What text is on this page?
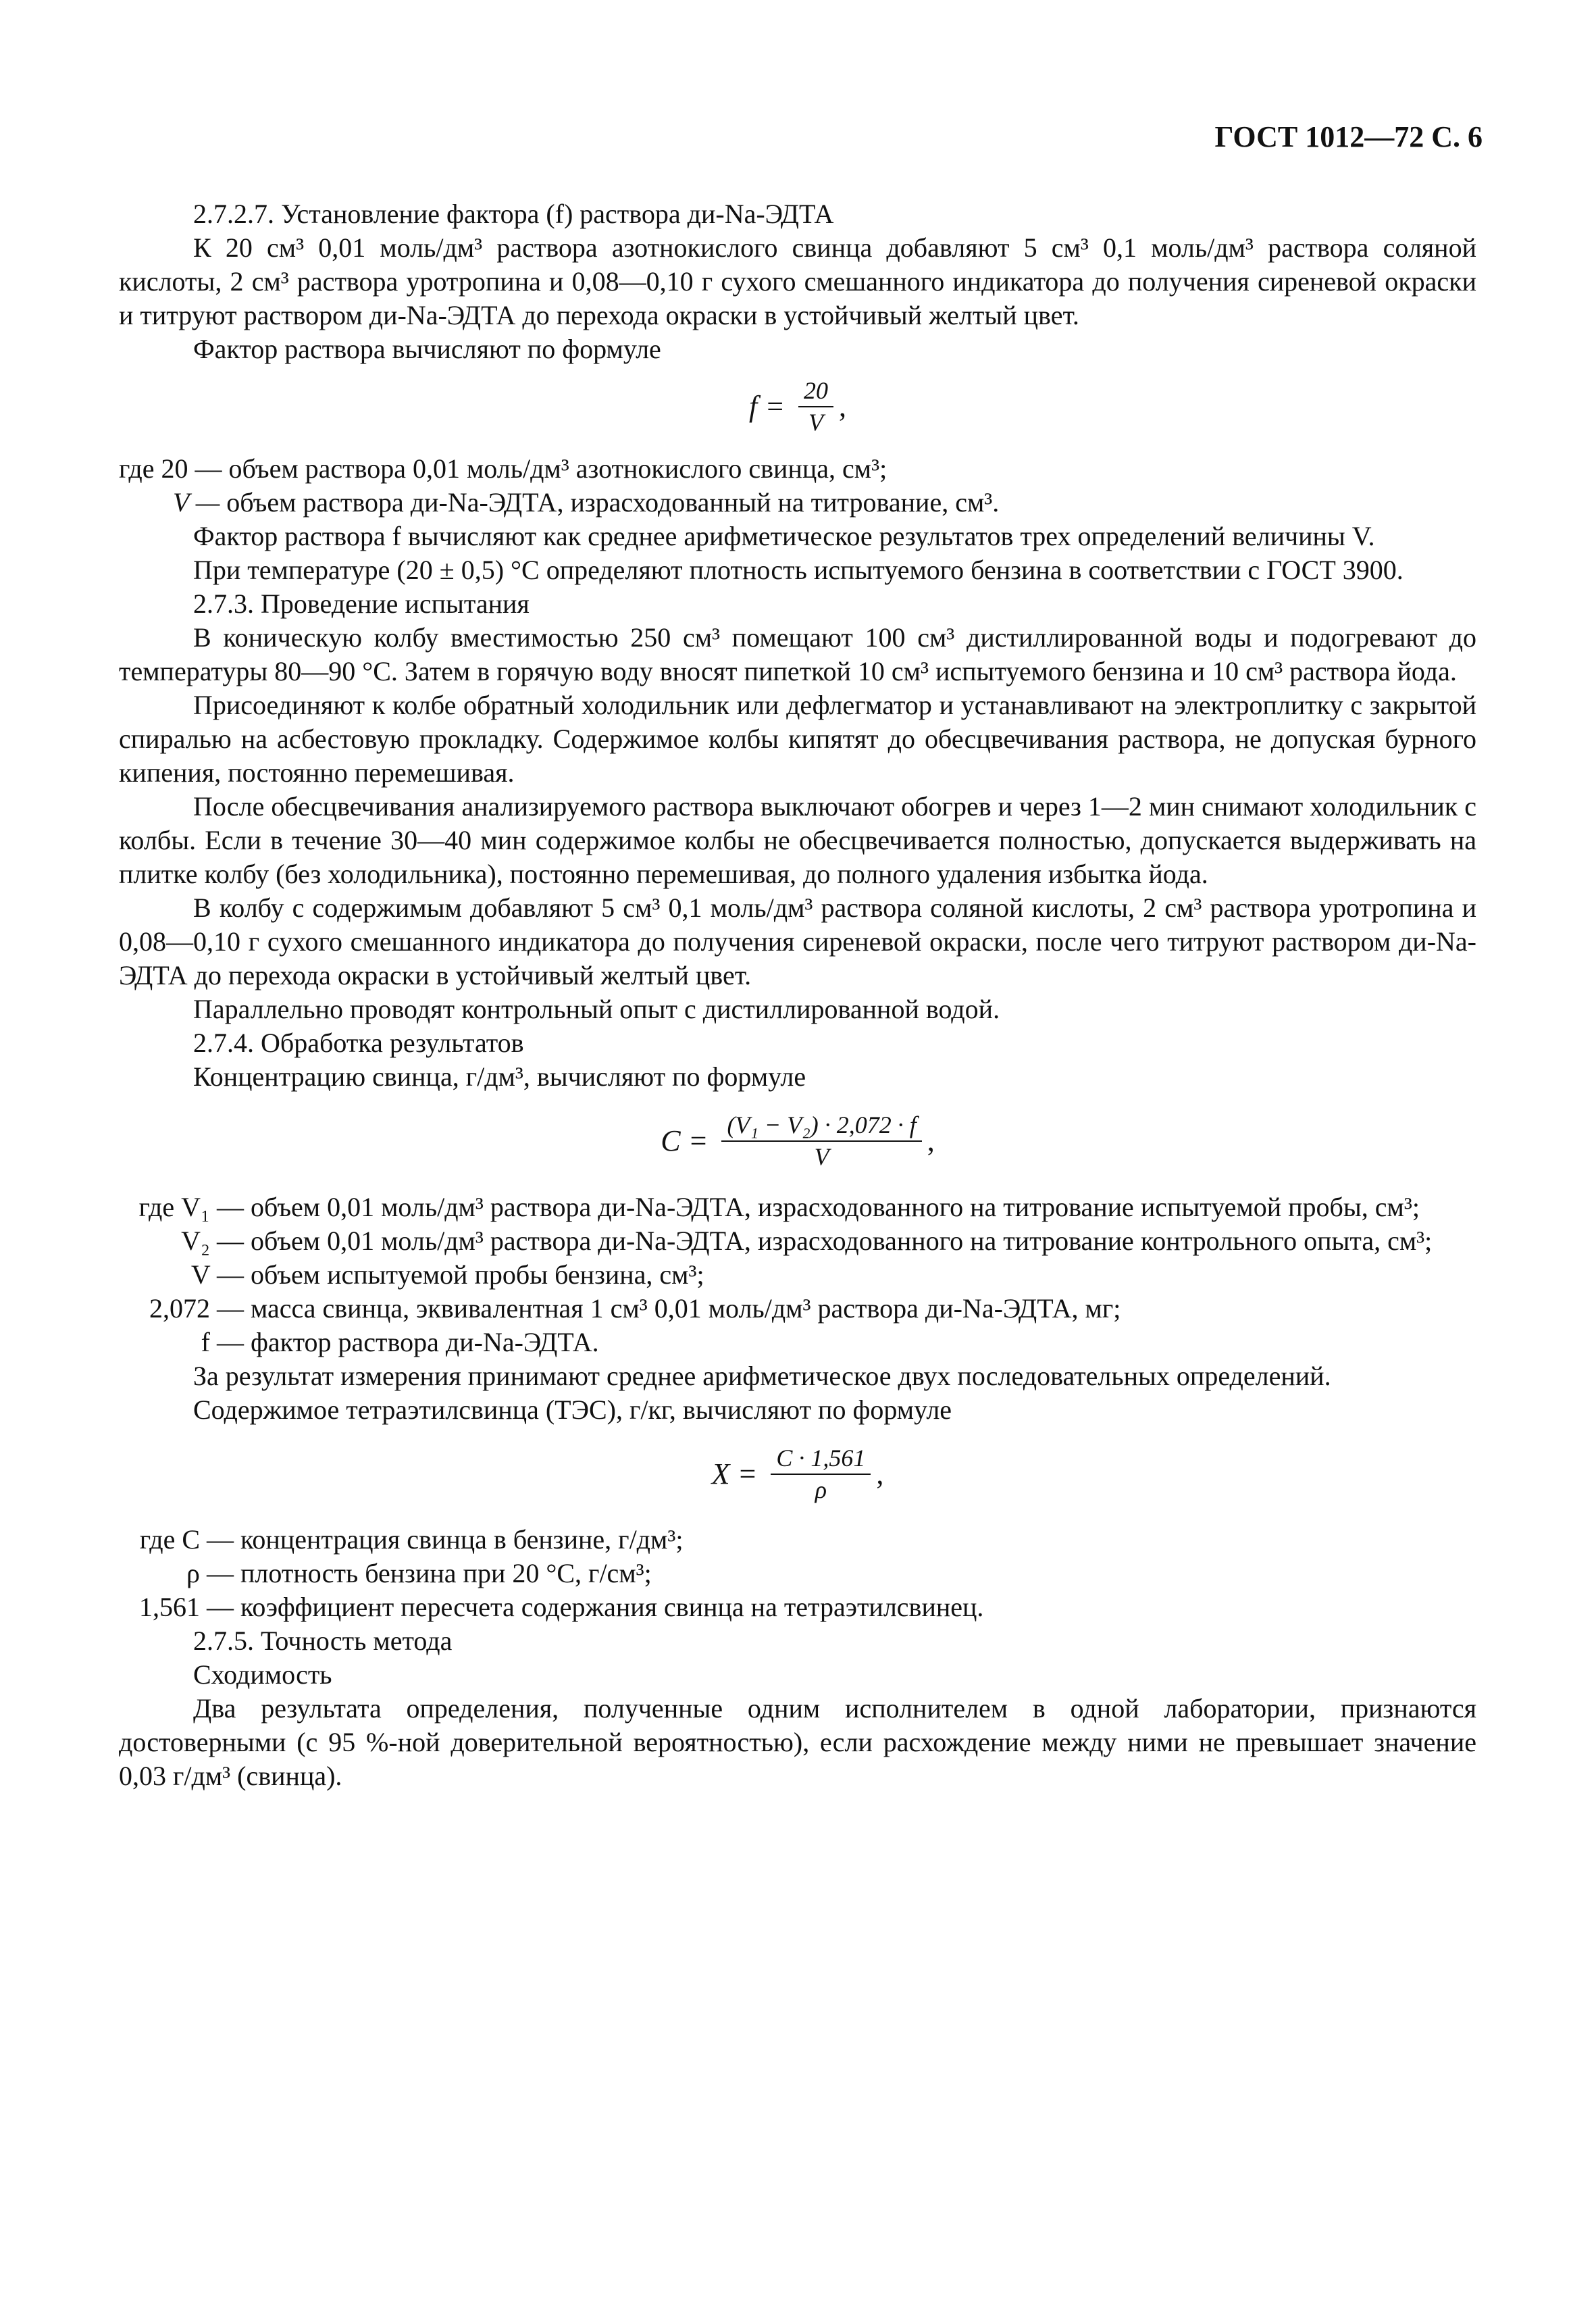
ГОСТ 1012—72 С. 6

2.7.2.7. Установление фактора (f) раствора ди-Na-ЭДТА

К 20 см³ 0,01 моль/дм³ раствора азотнокислого свинца добавляют 5 см³ 0,1 моль/дм³ раствора соляной кислоты, 2 см³ раствора уротропина и 0,08—0,10 г сухого смешанного индикатора до получения сиреневой окраски и титруют раствором ди-Na-ЭДТА до перехода окраски в устойчивый желтый цвет.

Фактор раствора вычисляют по формуле

$f = \frac{20}{V}$ ,
где 20 — объем раствора 0,01 моль/дм³ азотнокислого свинца, см³;
V — объем раствора ди-Na-ЭДТА, израсходованный на титрование, см³.

Фактор раствора f вычисляют как среднее арифметическое результатов трех определений величины V.

При температуре (20 ± 0,5) °С определяют плотность испытуемого бензина в соответствии с ГОСТ 3900.

2.7.3. Проведение испытания

В коническую колбу вместимостью 250 см³ помещают 100 см³ дистиллированной воды и подогревают до температуры 80—90 °С. Затем в горячую воду вносят пипеткой 10 см³ испытуемого бензина и 10 см³ раствора йода.

Присоединяют к колбе обратный холодильник или дефлегматор и устанавливают на электроплитку с закрытой спиралью на асбестовую прокладку. Содержимое колбы кипятят до обесцвечивания раствора, не допуская бурного кипения, постоянно перемешивая.

После обесцвечивания анализируемого раствора выключают обогрев и через 1—2 мин снимают холодильник с колбы. Если в течение 30—40 мин содержимое колбы не обесцвечивается полностью, допускается выдерживать на плитке колбу (без холодильника), постоянно перемешивая, до полного удаления избытка йода.

В колбу с содержимым добавляют 5 см³ 0,1 моль/дм³ раствора соляной кислоты, 2 см³ раствора уротропина и 0,08—0,10 г сухого смешанного индикатора до получения сиреневой окраски, после чего титруют раствором ди-Na-ЭДТА до перехода окраски в устойчивый желтый цвет.

Параллельно проводят контрольный опыт с дистиллированной водой.

2.7.4. Обработка результатов

Концентрацию свинца, г/дм³, вычисляют по формуле

$C = \frac{\text{(V₁ − V₂) · 2,072 · f}}{V}$ ,
где V₁ — объем 0,01 моль/дм³ раствора ди-Na-ЭДТА, израсходованного на титрование испытуемой пробы, см³;
V₂ — объем 0,01 моль/дм³ раствора ди-Na-ЭДТА, израсходованного на титрование контрольного опыта, см³;
V — объем испытуемой пробы бензина, см³;
2,072 — масса свинца, эквивалентная 1 см³ 0,01 моль/дм³ раствора ди-Na-ЭДТА, мг;
f — фактор раствора ди-Na-ЭДТА.

За результат измерения принимают среднее арифметическое двух последовательных определений.

Содержимое тетраэтилсвинца (ТЭС), г/кг, вычисляют по формуле

$X = \frac{C \cdot 1,561}{\rho}$ ,
где C — концентрация свинца в бензине, г/дм³;
ρ — плотность бензина при 20 °С, г/см³;
1,561 — коэффициент пересчета содержания свинца на тетраэтилсвинец.

2.7.5. Точность метода

Сходимость

Два результата определения, полученные одним исполнителем в одной лаборатории, признаются достоверными (с 95 %-ной доверительной вероятностью), если расхождение между ними не превышает значение 0,03 г/дм³ (свинца).
